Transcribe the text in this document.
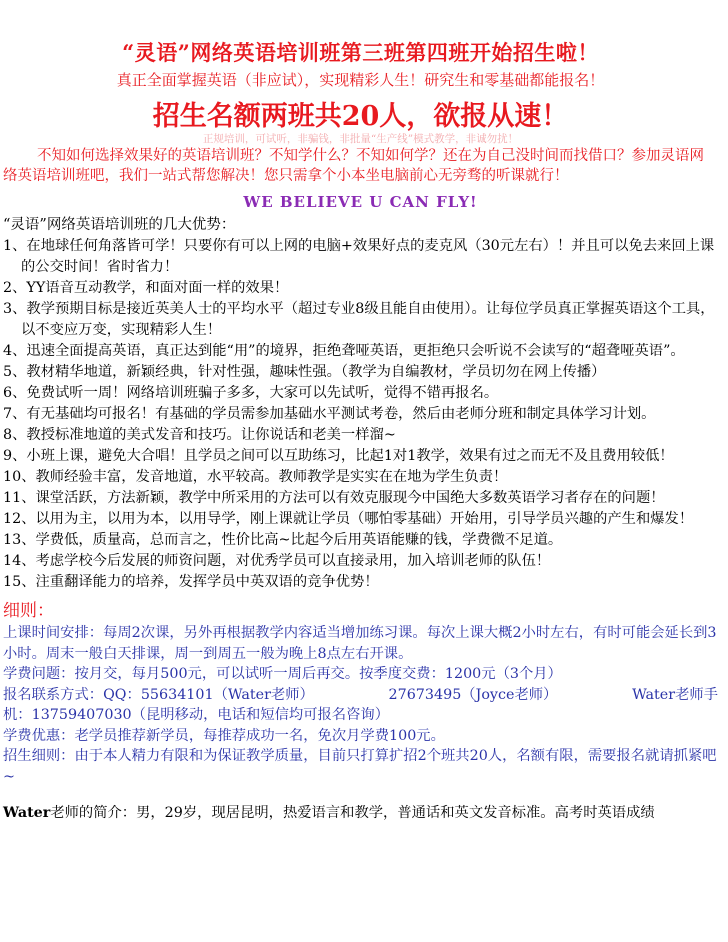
“灵语”网络英语培训班第三班第四班开始招生啦！

真正全面掌握英语（非应试），实现精彩人生！研究生和零基础都能报名！

招生名额两班共20人，欲报从速！

正规培训，可试听，非骗钱，非批量“生产线”模式教学，非诚勿扰！

不知如何选择效果好的英语培训班？不知学什么？不知如何学？还在为自己没时间而找借口？参加灵语网络英语培训班吧，我们一站式帮您解决！您只需拿个小本坐电脑前心无旁骛的听课就行！

WE BELIEVE U CAN FLY!

“灵语”网络英语培训班的几大优势：

1、在地球任何角落皆可学！只要你有可以上网的电脑+效果好点的麦克风（30元左右）！并且可以免去来回上课的公交时间！省时省力！
2、YY语音互动教学，和面对面一样的效果！
3、教学预期目标是接近英美人士的平均水平（超过专业8级且能自由使用）。让每位学员真正掌握英语这个工具，以不变应万变，实现精彩人生！
4、迅速全面提高英语，真正达到能“用”的境界，拒绝聋哑英语，更拒绝只会听说不会读写的“超聋哑英语”。
5、教材精华地道，新颖经典，针对性强，趣味性强。（教学为自编教材，学员切勿在网上传播）
6、免费试听一周！网络培训班骗子多多，大家可以先试听，觉得不错再报名。
7、有无基础均可报名！有基础的学员需参加基础水平测试考卷，然后由老师分班和制定具体学习计划。
8、教授标准地道的美式发音和技巧。让你说话和老美一样溜~
9、小班上课，避免大合唱！且学员之间可以互助练习，比起1对1教学，效果有过之而无不及且费用较低！
10、教师经验丰富，发音地道，水平较高。教师教学是实实在在地为学生负责！
11、课堂活跃，方法新颖，教学中所采用的方法可以有效克服现今中国绝大多数英语学习者存在的问题！
12、以用为主，以用为本，以用导学，刚上课就让学员（哪怕零基础）开始用，引导学员兴趣的产生和爆发！
13、学费低，质量高，总而言之，性价比高~比起今后用英语能赚的钱，学费微不足道。
14、考虑学校今后发展的师资问题，对优秀学员可以直接录用，加入培训老师的队伍！
15、注重翻译能力的培养，发挥学员中英双语的竞争优势！

细则：

上课时间安排：每周2次课，另外再根据教学内容适当增加练习课。每次上课大概2小时左右，有时可能会延长到3小时。周末一般白天排课，周一到周五一般为晚上8点左右开课。

学费问题：按月交，每月500元，可以试听一周后再交。按季度交费：1200元（3个月）

报名联系方式：QQ：55634101（Water老师）	27673495（Joyce老师）	Water老师手

机：13759407030（昆明移动，电话和短信均可报名咨询）

学费优惠：老学员推荐新学员，每推荐成功一名，免次月学费100元。

招生细则：由于本人精力有限和为保证教学质量，目前只打算扩招2个班共20人，名额有限，需要报名就请抓紧吧~

Water老师的简介：男，29岁，现居昆明，热爱语言和教学，普通话和英文发音标准。高考时英语成绩
